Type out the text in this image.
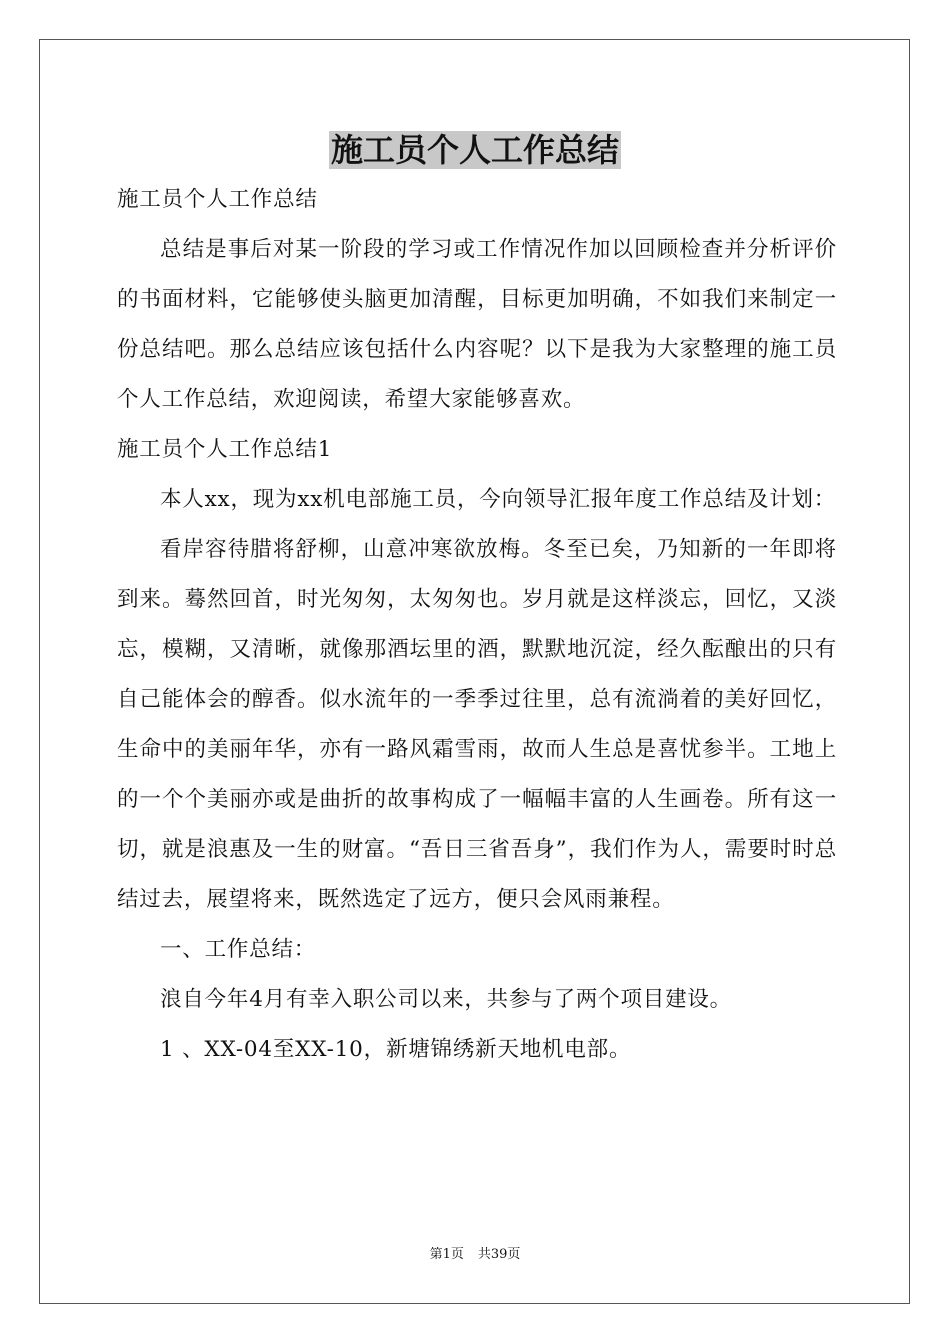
施工员个人工作总结

施工员个人工作总结

总结是事后对某一阶段的学习或工作情况作加以回顾检查并分析评价的书面材料，它能够使头脑更加清醒，目标更加明确，不如我们来制定一份总结吧。那么总结应该包括什么内容呢？以下是我为大家整理的施工员个人工作总结，欢迎阅读，希望大家能够喜欢。

施工员个人工作总结1

本人xx，现为xx机电部施工员，今向领导汇报年度工作总结及计划：

看岸容待腊将舒柳，山意冲寒欲放梅。冬至已矣，乃知新的一年即将到来。蓦然回首，时光匆匆，太匆匆也。岁月就是这样淡忘，回忆，又淡忘，模糊，又清晰，就像那酒坛里的酒，默默地沉淀，经久酝酿出的只有自己能体会的醇香。似水流年的一季季过往里，总有流淌着的美好回忆，生命中的美丽年华，亦有一路风霜雪雨，故而人生总是喜忧参半。工地上的一个个美丽亦或是曲折的故事构成了一幅幅丰富的人生画卷。所有这一切，就是浪惠及一生的财富。“吾日三省吾身”，我们作为人，需要时时总结过去，展望将来，既然选定了远方，便只会风雨兼程。

一、工作总结：

浪自今年4月有幸入职公司以来，共参与了两个项目建设。

1 、XX-04至XX-10，新塘锦绣新天地机电部。

第1页 共39页
